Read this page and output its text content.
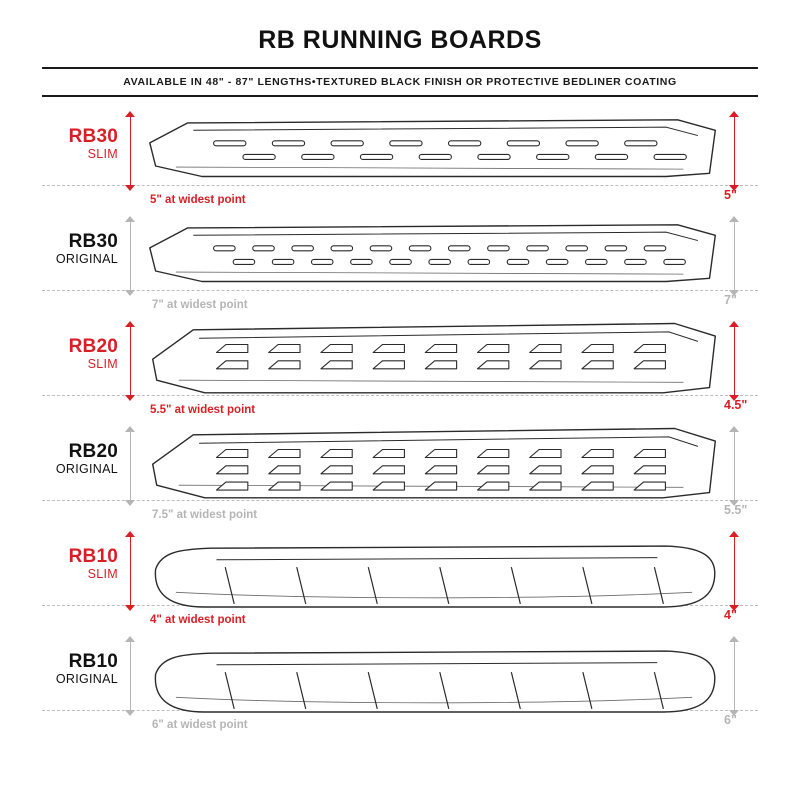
RB RUNNING BOARDS
AVAILABLE IN 48" - 87" LENGTHS • TEXTURED BLACK FINISH OR PROTECTIVE BEDLINER COATING
RB30
SLIM
5"
5" at widest point
RB30
ORIGINAL
7"
7" at widest point
RB20
SLIM
4.5"
5.5" at widest point
RB20
ORIGINAL
5.5"
7.5" at widest point
RB10
SLIM
4"
4" at widest point
RB10
ORIGINAL
6"
6" at widest point
